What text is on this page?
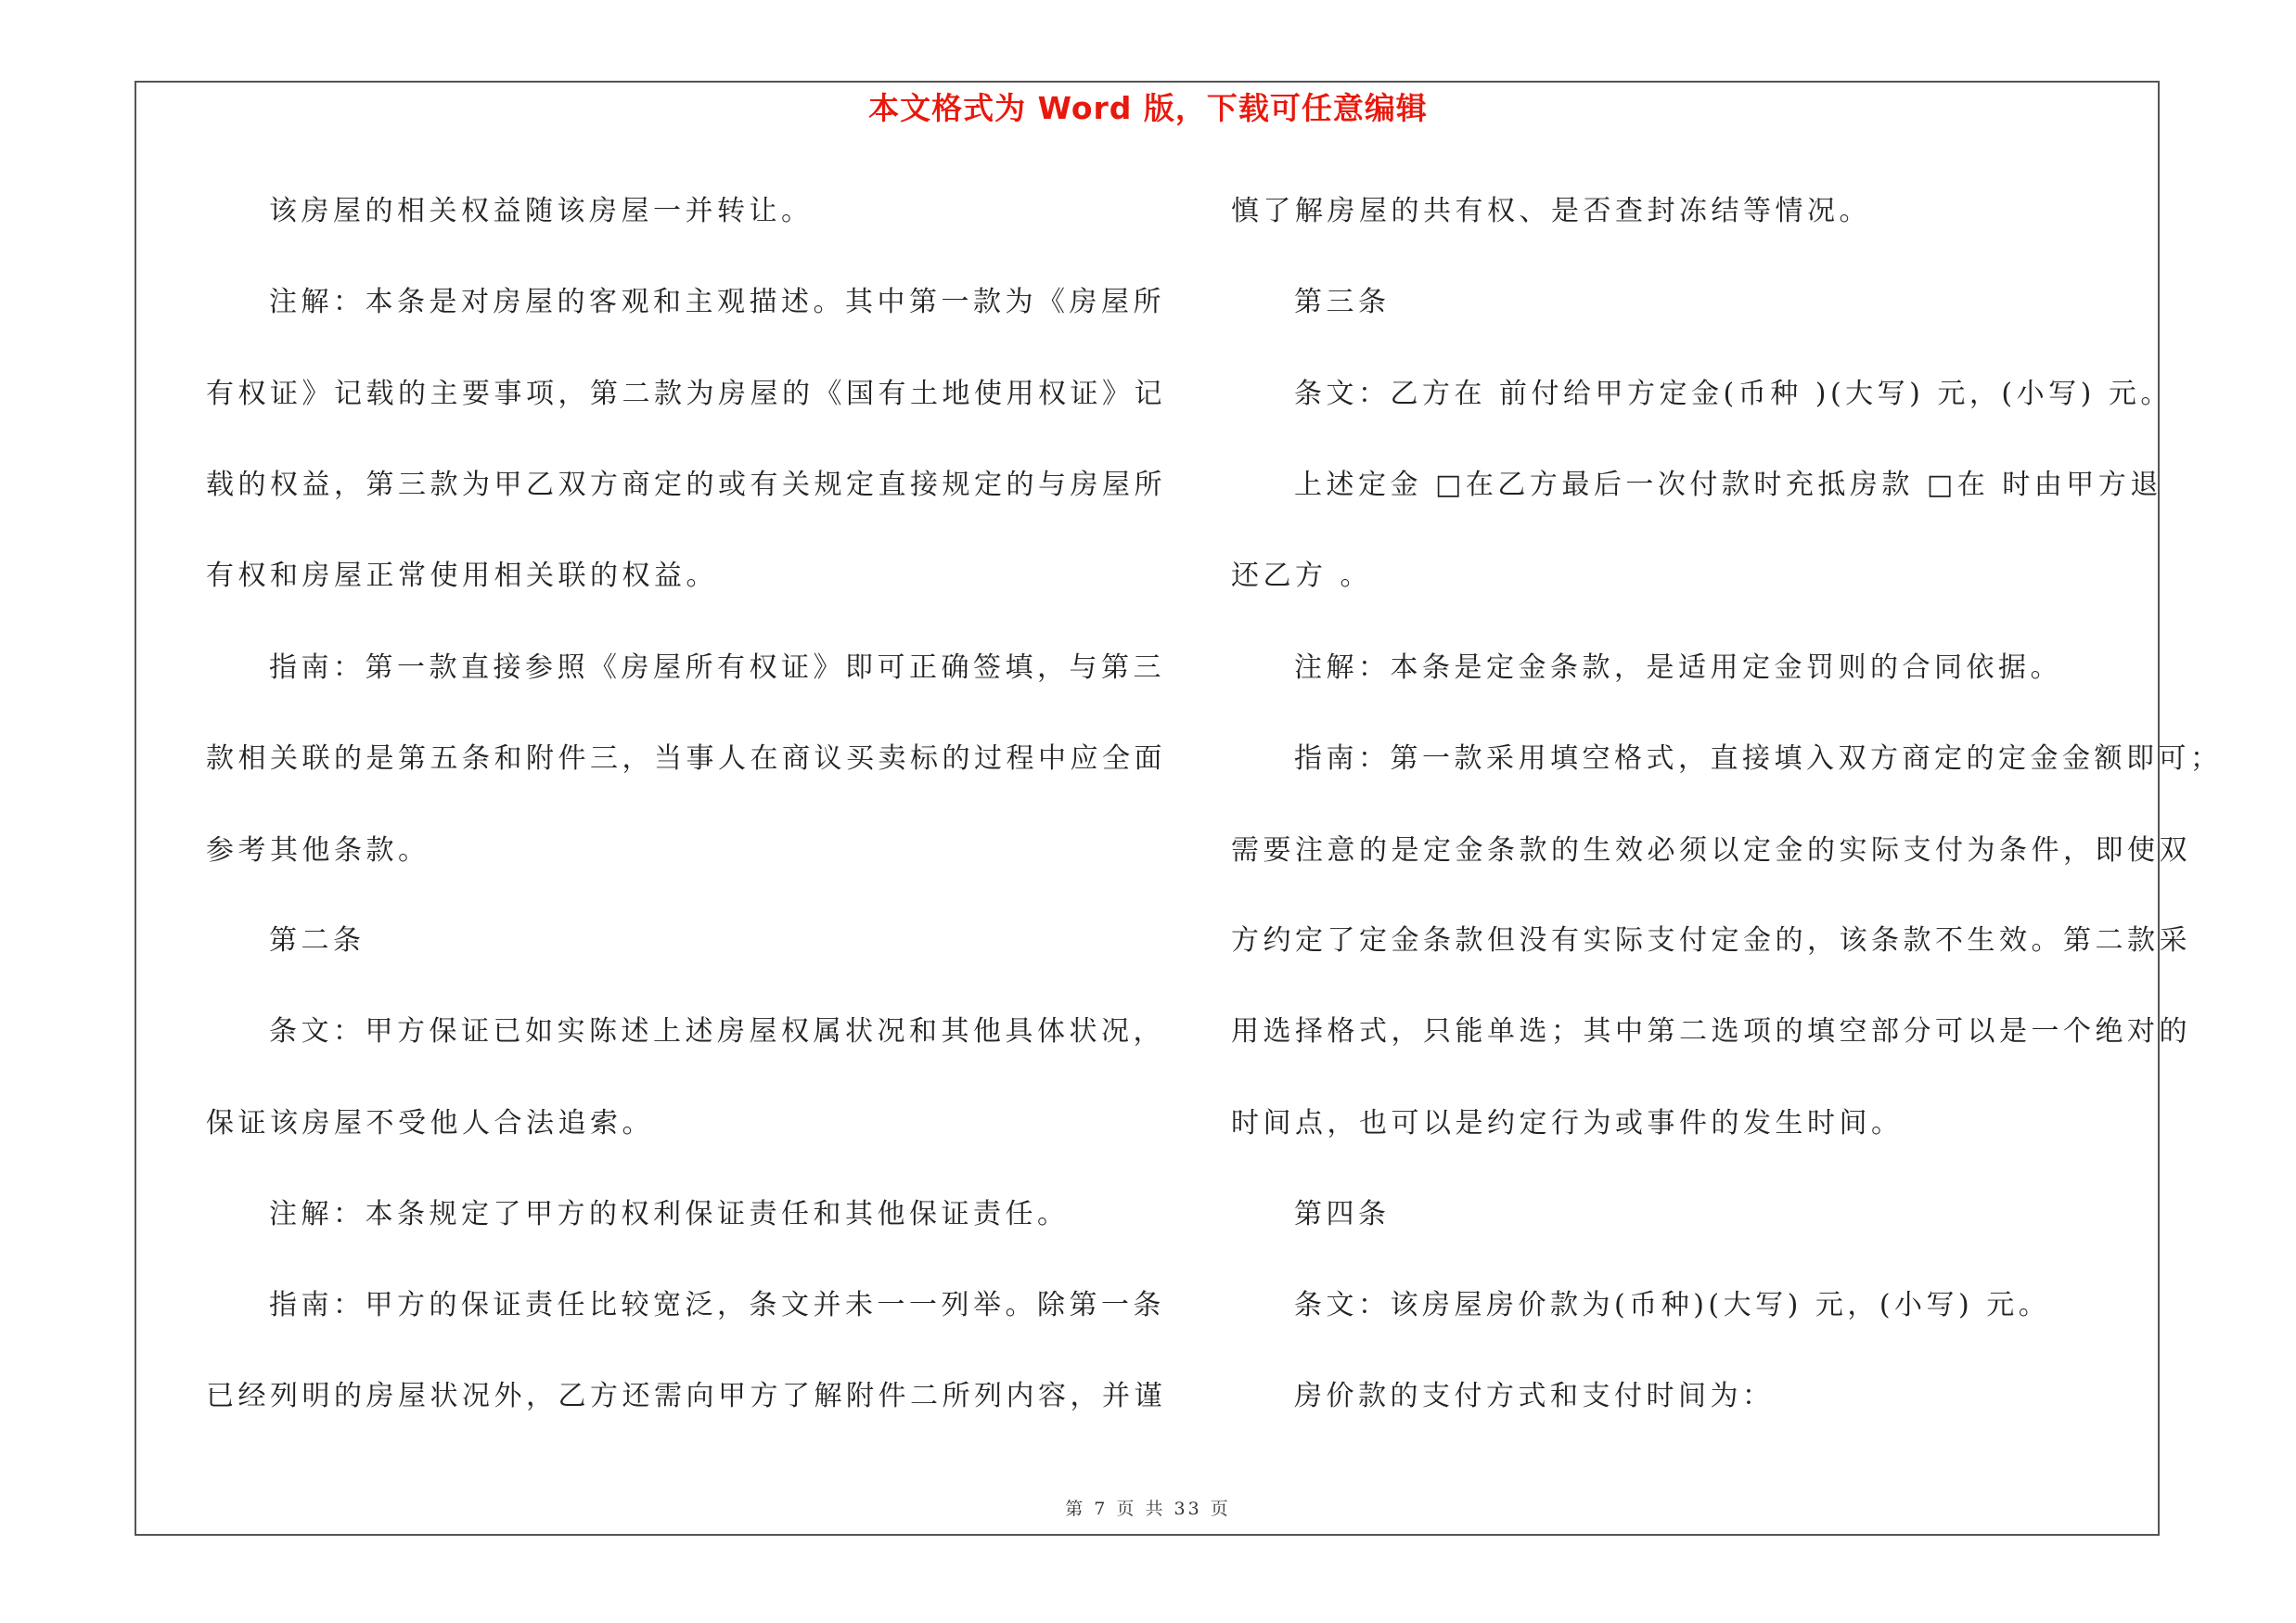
本文格式为 Word 版，下载可任意编辑
该房屋的相关权益随该房屋一并转让。
注解：本条是对房屋的客观和主观描述。其中第一款为《房屋所
有权证》记载的主要事项，第二款为房屋的《国有土地使用权证》记
载的权益，第三款为甲乙双方商定的或有关规定直接规定的与房屋所
有权和房屋正常使用相关联的权益。
指南：第一款直接参照《房屋所有权证》即可正确签填，与第三
款相关联的是第五条和附件三，当事人在商议买卖标的过程中应全面
参考其他条款。
第二条
条文：甲方保证已如实陈述上述房屋权属状况和其他具体状况，
保证该房屋不受他人合法追索。
注解：本条规定了甲方的权利保证责任和其他保证责任。
指南：甲方的保证责任比较宽泛，条文并未一一列举。除第一条
已经列明的房屋状况外，乙方还需向甲方了解附件二所列内容，并谨
慎了解房屋的共有权、是否查封冻结等情况。
第三条
条文：乙方在 前付给甲方定金(币种 )(大写) 元，(小写) 元。
上述定金 □在乙方最后一次付款时充抵房款 □在 时由甲方退
还乙方 。
注解：本条是定金条款，是适用定金罚则的合同依据。
指南：第一款采用填空格式，直接填入双方商定的定金金额即可；
需要注意的是定金条款的生效必须以定金的实际支付为条件，即使双
方约定了定金条款但没有实际支付定金的，该条款不生效。第二款采
用选择格式，只能单选；其中第二选项的填空部分可以是一个绝对的
时间点，也可以是约定行为或事件的发生时间。
第四条
条文：该房屋房价款为(币种)(大写) 元，(小写) 元。
房价款的支付方式和支付时间为：
第 7 页 共 33 页
